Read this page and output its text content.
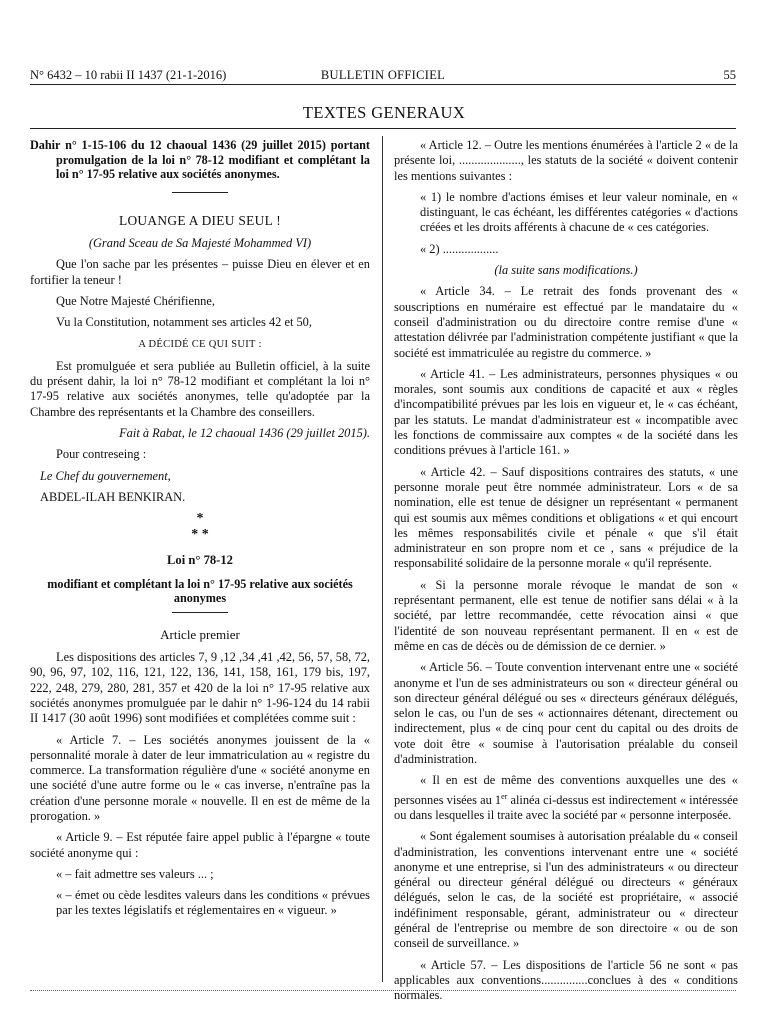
N° 6432 – 10 rabii II 1437 (21-1-2016)	BULLETIN OFFICIEL	55
TEXTES GENERAUX

Dahir n° 1-15-106 du 12 chaoual 1436 (29 juillet 2015) portant promulgation de la loi n° 78-12 modifiant et complétant la loi n° 17-95 relative aux sociétés anonymes.

LOUANGE A DIEU SEUL !

(Grand Sceau de Sa Majesté Mohammed VI)

Que l'on sache par les présentes – puisse Dieu en élever et en fortifier la teneur !

Que Notre Majesté Chérifienne,

Vu la Constitution, notamment ses articles 42 et 50,

A DÉCIDÉ CE QUI SUIT :

Est promulguée et sera publiée au Bulletin officiel, à la suite du présent dahir, la loi n° 78-12 modifiant et complétant la loi n° 17-95 relative aux sociétés anonymes, telle qu'adoptée par la Chambre des représentants et la Chambre des conseillers.

Fait à Rabat, le 12 chaoual 1436 (29 juillet 2015).

Pour contreseing :

Le Chef du gouvernement,

ABDEL-ILAH BENKIRAN.

*
* *

Loi n° 78-12

modifiant et complétant la loi n° 17-95 relative aux sociétés anonymes

Article premier

Les dispositions des articles 7, 9 ,12 ,34 ,41 ,42, 56, 57, 58, 72, 90, 96, 97, 102, 116, 121, 122, 136, 141, 158, 161, 179 bis, 197, 222, 248, 279, 280, 281, 357 et 420 de la loi n° 17-95 relative aux sociétés anonymes promulguée par le dahir n° 1-96-124 du 14 rabii II 1417 (30 août 1996) sont modifiées et complétées comme suit :

« Article 7. – Les sociétés anonymes jouissent de la « personnalité morale à dater de leur immatriculation au « registre du commerce. La transformation régulière d'une « société anonyme en une société d'une autre forme ou le « cas inverse, n'entraîne pas la création d'une personne morale « nouvelle. Il en est de même de la prorogation. »

« Article 9. – Est réputée faire appel public à l'épargne « toute société anonyme qui :

« – fait admettre ses valeurs ... ;

« – émet ou cède lesdites valeurs dans les conditions « prévues par les textes législatifs et réglementaires en « vigueur. »

« Article 12. – Outre les mentions énumérées à l'article 2 « de la présente loi, ...................., les statuts de la société « doivent contenir les mentions suivantes :

« 1) le nombre d'actions émises et leur valeur nominale, en « distinguant, le cas échéant, les différentes catégories « d'actions créées et les droits afférents à chacune de « ces catégories.

« 2) ..................

(la suite sans modifications.)

« Article 34. – Le retrait des fonds provenant des « souscriptions en numéraire est effectué par le mandataire du « conseil d'administration ou du directoire contre remise d'une « attestation délivrée par l'administration compétente justifiant « que la société est immatriculée au registre du commerce. »

« Article 41. – Les administrateurs, personnes physiques « ou morales, sont soumis aux conditions de capacité et aux « règles d'incompatibilité prévues par les lois en vigueur et, le « cas échéant, par les statuts. Le mandat d'administrateur est « incompatible avec les fonctions de commissaire aux comptes « de la société dans les conditions prévues à l'article 161. »

« Article 42. – Sauf dispositions contraires des statuts, « une personne morale peut être nommée administrateur. Lors « de sa nomination, elle est tenue de désigner un représentant « permanent qui est soumis aux mêmes conditions et obligations « et qui encourt les mêmes responsabilités civile et pénale « que s'il était administrateur en son propre nom et ce , sans « préjudice de la responsabilité solidaire de la personne morale « qu'il représente.

« Si la personne morale révoque le mandat de son « représentant permanent, elle est tenue de notifier sans délai « à la société, par lettre recommandée, cette révocation ainsi « que l'identité de son nouveau représentant permanent. Il en « est de même en cas de décès ou de démission de ce dernier. »

« Article 56. – Toute convention intervenant entre une « société anonyme et l'un de ses administrateurs ou son « directeur général ou son directeur général délégué ou ses « directeurs généraux délégués, selon le cas, ou l'un de ses « actionnaires détenant, directement ou indirectement, plus « de cinq pour cent du capital ou des droits de vote doit être « soumise à l'autorisation préalable du conseil d'administration.

« Il en est de même des conventions auxquelles une des « personnes visées au 1er alinéa ci-dessus est indirectement « intéressée ou dans lesquelles il traite avec la société par « personne interposée.

« Sont également soumises à autorisation préalable du « conseil d'administration, les conventions intervenant entre une « société anonyme et une entreprise, si l'un des administrateurs « ou directeur général ou directeur général délégué ou directeurs « généraux délégués, selon le cas, de la société est propriétaire, « associé indéfiniment responsable, gérant, administrateur ou « directeur général de l'entreprise ou membre de son directoire « ou de son conseil de surveillance. »

« Article 57. – Les dispositions de l'article 56 ne sont « pas applicables aux conventions...............conclues à des « conditions normales.
